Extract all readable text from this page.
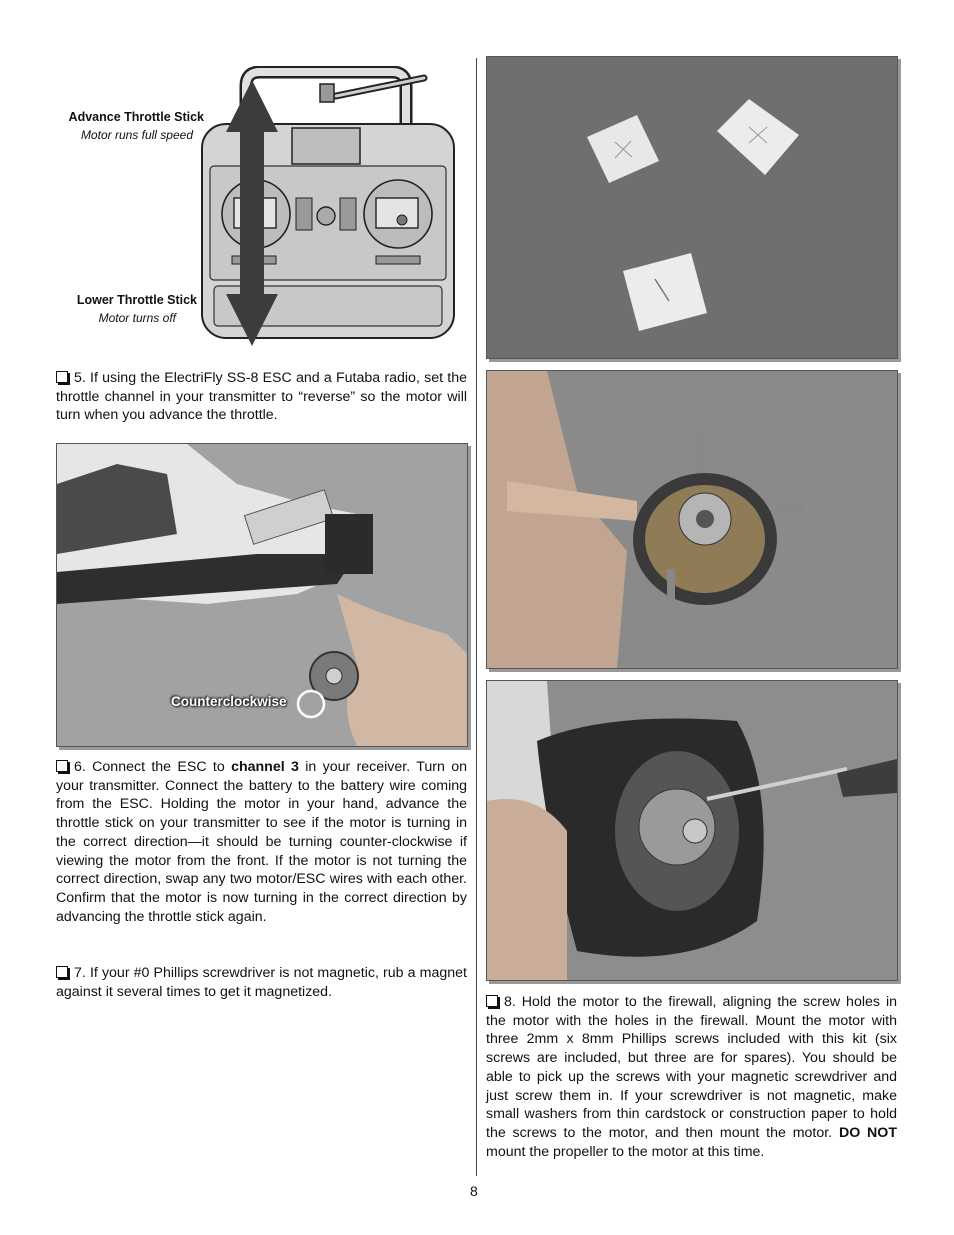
Advance Throttle Stick
Motor runs full speed
Lower Throttle Stick
Motor turns off
5. If using the ElectriFly SS-8 ESC and a Futaba radio, set the throttle channel in your transmitter to “reverse” so the motor will turn when you advance the throttle.
Counterclockwise
6. Connect the ESC to channel 3 in your receiver. Turn on your transmitter. Connect the battery to the battery wire coming from the ESC. Holding the motor in your hand, advance the throttle stick on your transmitter to see if the motor is turning in the correct direction—it should be turning counter-clockwise if viewing the motor from the front. If the motor is not turning the correct direction, swap any two motor/ESC wires with each other. Confirm that the motor is now turning in the correct direction by advancing the throttle stick again.
7. If your #0 Phillips screwdriver is not magnetic, rub a magnet against it several times to get it magnetized.
8. Hold the motor to the firewall, aligning the screw holes in the motor with the holes in the firewall. Mount the motor with three 2mm x 8mm Phillips screws included with this kit (six screws are included, but three are for spares). You should be able to pick up the screws with your magnetic screwdriver and just screw them in. If your screwdriver is not magnetic, make small washers from thin cardstock or construction paper to hold the screws to the motor, and then mount the motor. DO NOT mount the propeller to the motor at this time.
8
